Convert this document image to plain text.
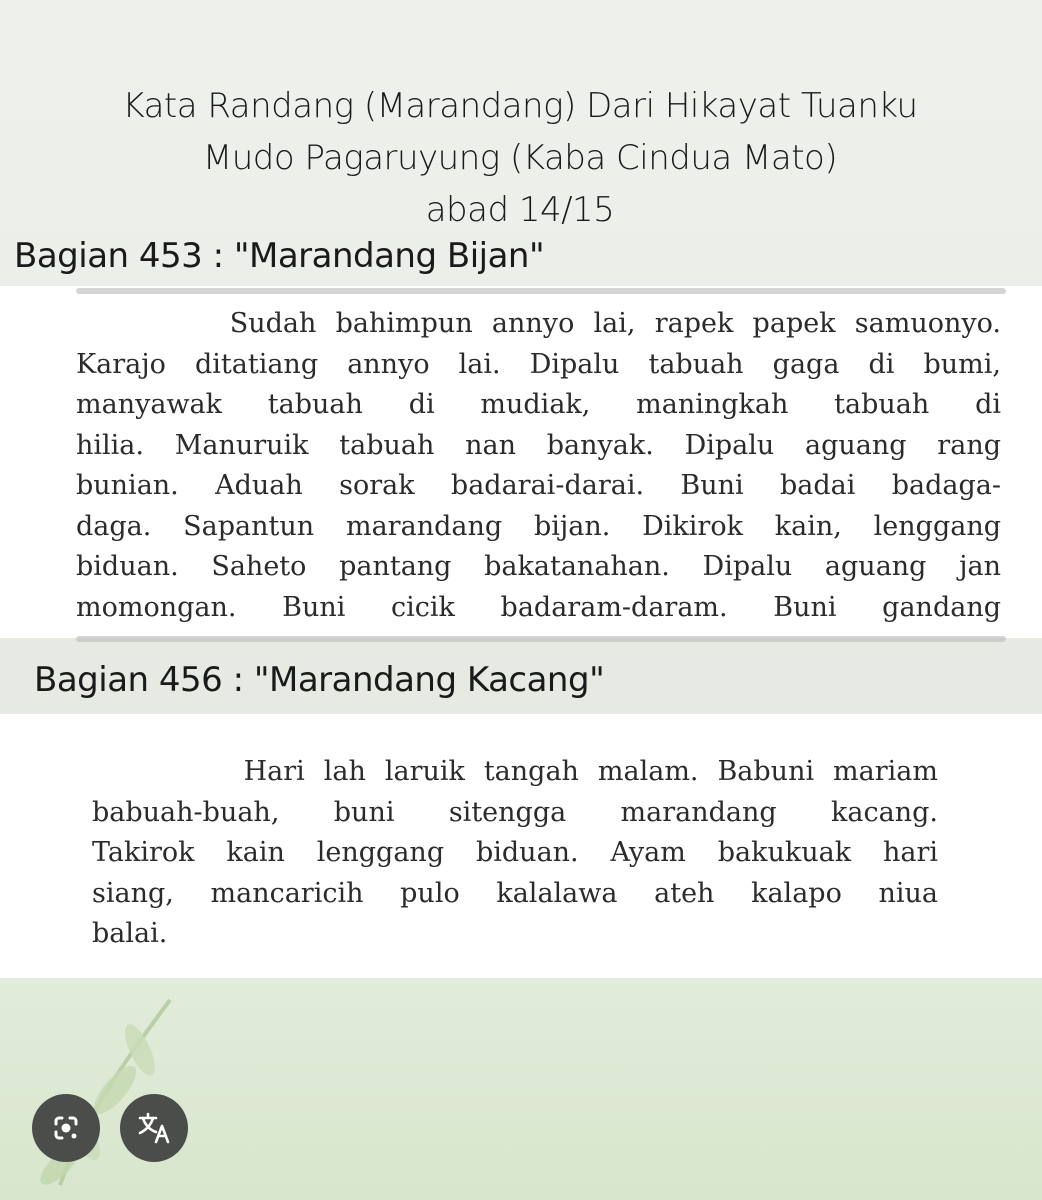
Kata Randang (Marandang) Dari Hikayat Tuanku
Mudo Pagaruyung (Kaba Cindua Mato)
abad 14/15
Bagian 453 : "Marandang Bijan"
Sudah bahimpun annyo lai, rapek papek samuonyo.
Karajo ditatiang annyo lai. Dipalu tabuah gaga di bumi,
manyawak tabuah di mudiak, maningkah tabuah di
hilia. Manuruik tabuah nan banyak. Dipalu aguang rang
bunian. Aduah sorak badarai-darai. Buni badai badaga-
daga. Sapantun marandang bijan. Dikirok kain, lenggang
biduan. Saheto pantang bakatanahan. Dipalu aguang jan
momongan. Buni cicik badaram-daram. Buni gandang
Bagian 456 : "Marandang Kacang"
Hari lah laruik tangah malam. Babuni mariam
babuah-buah, buni sitengga marandang kacang.
Takirok kain lenggang biduan. Ayam bakukuak hari
siang, mancaricih pulo kalalawa ateh kalapo niua
balai.
